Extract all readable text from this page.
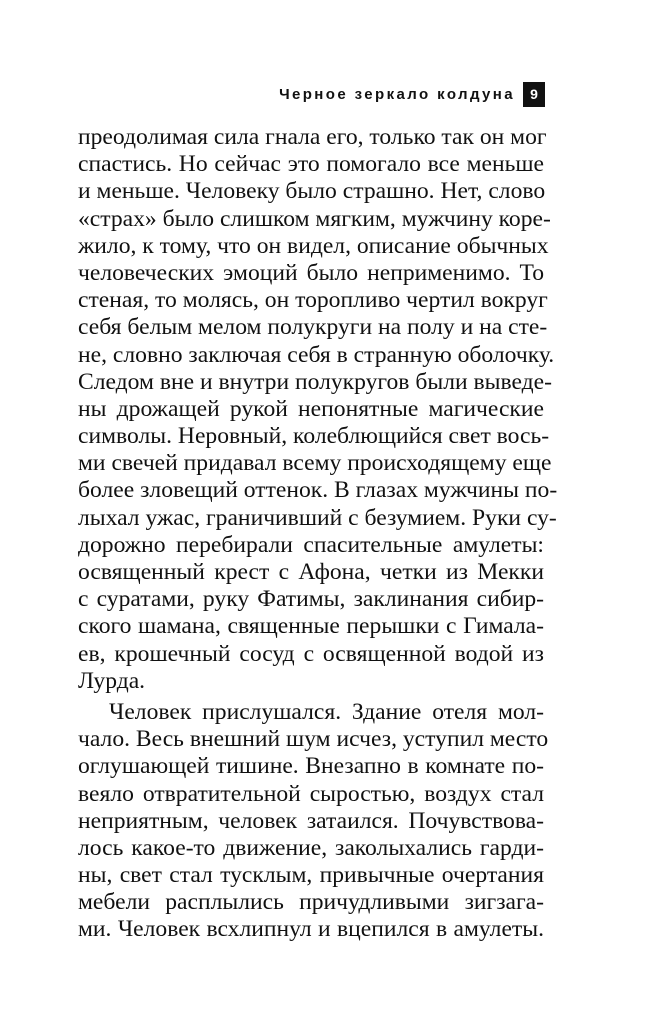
Черное зеркало колдуна	9
преодолимая сила гнала его, только так он мог
спастись. Но сейчас это помогало все меньше
и меньше. Человеку было страшно. Нет, слово
«страх» было слишком мягким, мужчину коре-
жило, к тому, что он видел, описание обычных
человеческих эмоций было неприменимо. То
стеная, то молясь, он торопливо чертил вокруг
себя белым мелом полукруги на полу и на сте-
не, словно заключая себя в странную оболочку.
Следом вне и внутри полукругов были выведе-
ны дрожащей рукой непонятные магические
символы. Неровный, колеблющийся свет вось-
ми свечей придавал всему происходящему еще
более зловещий оттенок. В глазах мужчины по-
лыхал ужас, граничивший с безумием. Руки су-
дорожно перебирали спасительные амулеты:
освященный крест с Афона, четки из Мекки
с суратами, руку Фатимы, заклинания сибир-
ского шамана, священные перышки с Гимала-
ев, крошечный сосуд с освященной водой из
Лурда.
Человек прислушался. Здание отеля мол-
чало. Весь внешний шум исчез, уступил место
оглушающей тишине. Внезапно в комнате по-
веяло отвратительной сыростью, воздух стал
неприятным, человек затаился. Почувствова-
лось какое-то движение, заколыхались гарди-
ны, свет стал тусклым, привычные очертания
мебели расплылись причудливыми зигзага-
ми. Человек всхлипнул и вцепился в амулеты.
